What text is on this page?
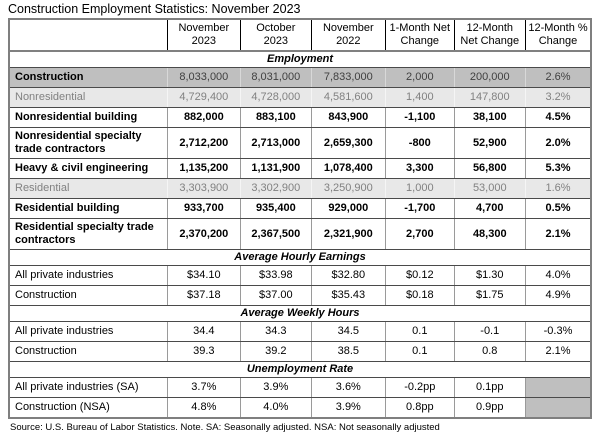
Construction Employment Statistics: November 2023
	November 2023	October 2023	November 2022	1-Month Net Change	12-Month Net Change	12-Month % Change
Employment						
Construction	8,033,000	8,031,000	7,833,000	2,000	200,000	2.6%
Nonresidential	4,729,400	4,728,000	4,581,600	1,400	147,800	3.2%
Nonresidential building	882,000	883,100	843,900	-1,100	38,100	4.5%
Nonresidential specialty trade contractors	2,712,200	2,713,000	2,659,300	-800	52,900	2.0%
Heavy & civil engineering	1,135,200	1,131,900	1,078,400	3,300	56,800	5.3%
Residential	3,303,900	3,302,900	3,250,900	1,000	53,000	1.6%
Residential building	933,700	935,400	929,000	-1,700	4,700	0.5%
Residential specialty trade contractors	2,370,200	2,367,500	2,321,900	2,700	48,300	2.1%
Average Hourly Earnings						
All private industries	$34.10	$33.98	$32.80	$0.12	$1.30	4.0%
Construction	$37.18	$37.00	$35.43	$0.18	$1.75	4.9%
Average Weekly Hours						
All private industries	34.4	34.3	34.5	0.1	-0.1	-0.3%
Construction	39.3	39.2	38.5	0.1	0.8	2.1%
Unemployment Rate						
All private industries (SA)	3.7%	3.9%	3.6%	-0.2pp	0.1pp	
Construction (NSA)	4.8%	4.0%	3.9%	0.8pp	0.9pp	
Source: U.S. Bureau of Labor Statistics. Note. SA: Seasonally adjusted. NSA: Not seasonally adjusted
